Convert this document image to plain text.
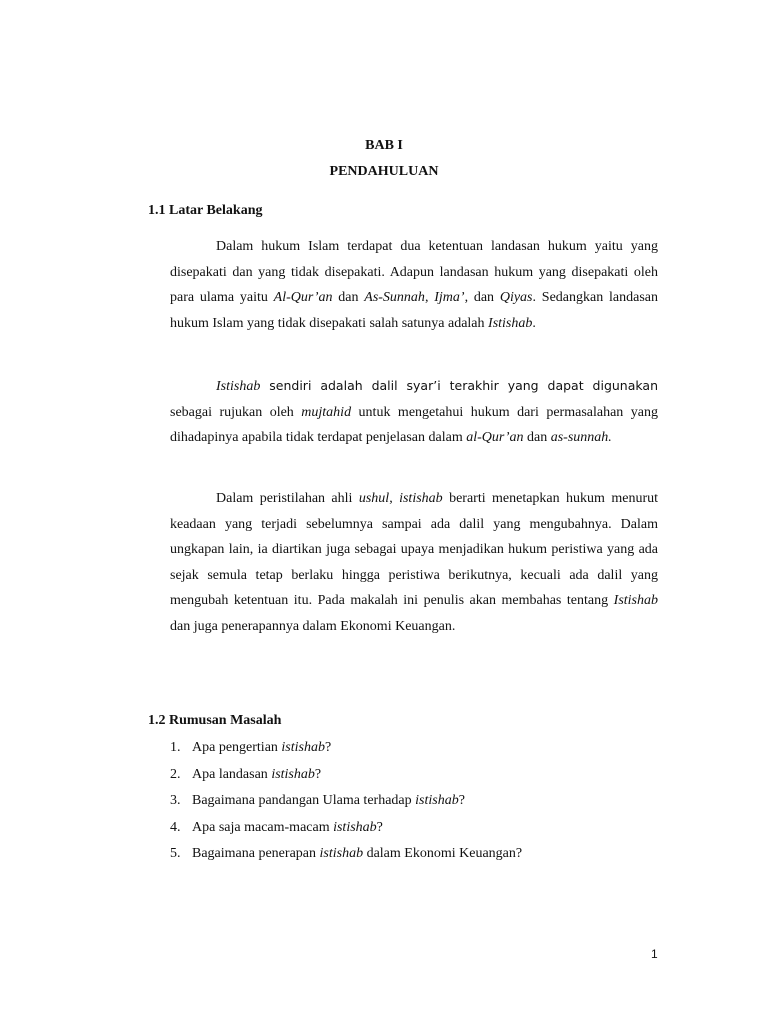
BAB I
PENDAHULUAN
1.1 Latar Belakang

Dalam hukum Islam terdapat dua ketentuan landasan hukum yaitu yang disepakati dan yang tidak disepakati. Adapun landasan hukum yang disepakati oleh para ulama yaitu Al-Qur’an dan As-Sunnah, Ijma’, dan Qiyas. Sedangkan landasan hukum Islam yang tidak disepakati salah satunya adalah Istishab.

Istishab sendiri adalah dalil syar’i terakhir yang dapat digunakan sebagai rujukan oleh mujtahid untuk mengetahui hukum dari permasalahan yang dihadapinya apabila tidak terdapat penjelasan dalam al-Qur’an dan as-sunnah.

Dalam peristilahan ahli ushul, istishab berarti menetapkan hukum menurut keadaan yang terjadi sebelumnya sampai ada dalil yang mengubahnya. Dalam ungkapan lain, ia diartikan juga sebagai upaya menjadikan hukum peristiwa yang ada sejak semula tetap berlaku hingga peristiwa berikutnya, kecuali ada dalil yang mengubah ketentuan itu. Pada makalah ini penulis akan membahas tentang Istishab dan juga penerapannya dalam Ekonomi Keuangan.

1.2 Rumusan Masalah
1. Apa pengertian istishab?
2. Apa landasan istishab?
3. Bagaimana pandangan Ulama terhadap istishab?
4. Apa saja macam-macam istishab?
5. Bagaimana penerapan istishab dalam Ekonomi Keuangan?
1
